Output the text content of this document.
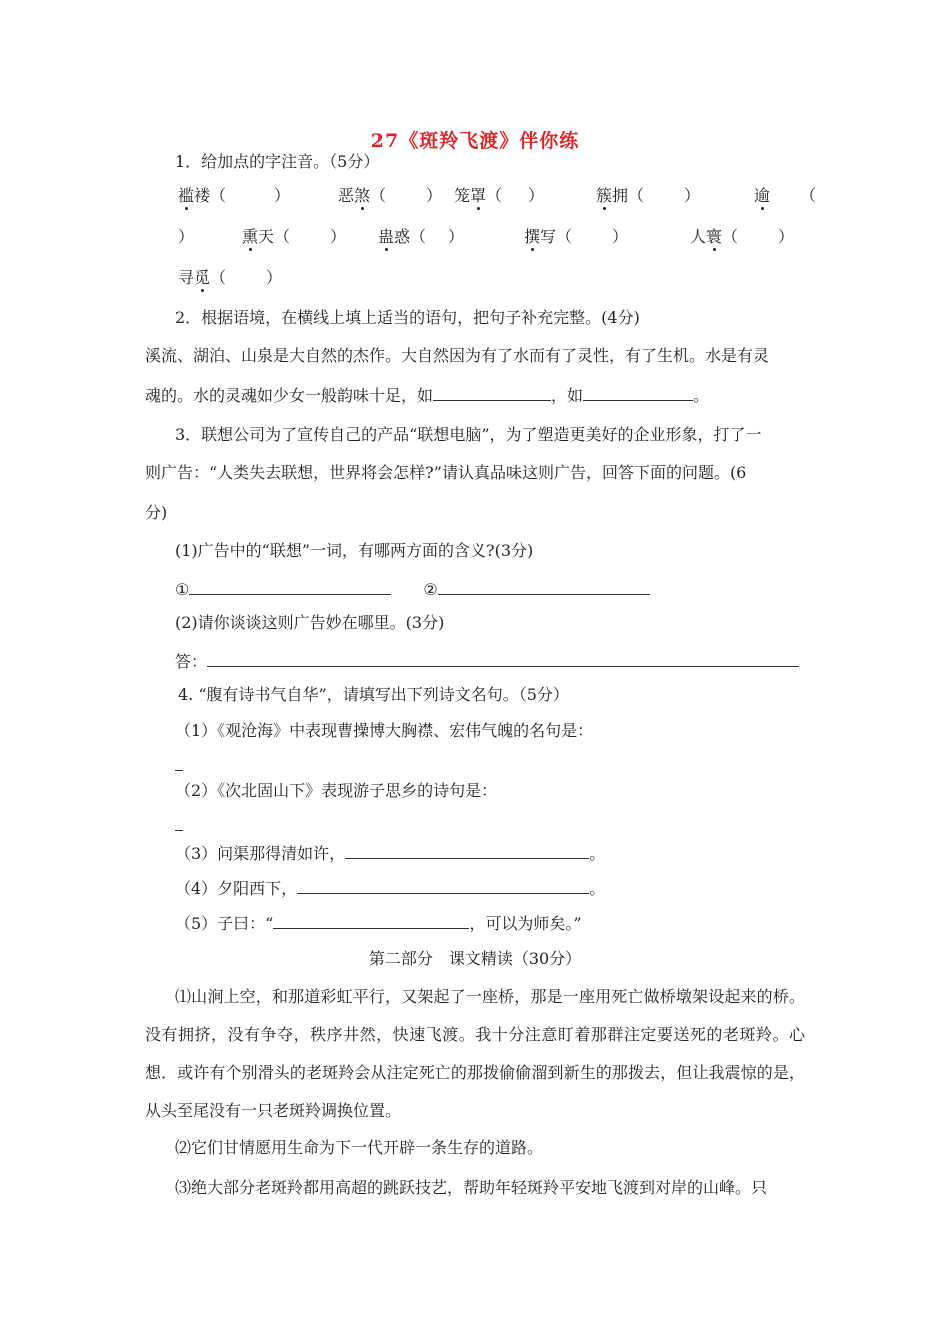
27《斑羚飞渡》伴你练
1．给加点的字注音。（5分）
褴褛（	）	恶煞（	） 笼罩（ ）	簇拥（	）	逾 （
）	熏天（	） 蛊惑（ ）	撰写（	）	人寰（	）
寻觅（	）
2．根据语境，在横线上填上适当的语句，把句子补充完整。(4分)
溪流、湖泊、山泉是大自然的杰作。大自然因为有了水而有了灵性，有了生机。水是有灵
魂的。水的灵魂如少女一般韵味十足，如	，如	。
3．联想公司为了宣传自己的产品“联想电脑”，为了塑造更美好的企业形象，打了一
则广告：“人类失去联想，世界将会怎样?”请认真品味这则广告，回答下面的问题。(6
分)
(1)广告中的“联想”一词，有哪两方面的含义?(3分)
①	②
(2)请你谈谈这则广告妙在哪里。(3分)
答：
4. “腹有诗书气自华”，请填写出下列诗文名句。（5分）
（1）《观沧海》中表现曹操博大胸襟、宏伟气魄的名句是：
（2）《次北固山下》表现游子思乡的诗句是：
（3）问渠那得清如许，	。
（4）夕阳西下，	。
（5）子曰：“	，可以为师矣。”
第二部分　课文精读（30分）
⑴山涧上空，和那道彩虹平行，又架起了一座桥，那是一座用死亡做桥墩架设起来的桥。没有拥挤，没有争夺，秩序井然，快速飞渡。我十分注意盯着那群注定要送死的老斑羚。心想．或许有个别滑头的老斑羚会从注定死亡的那拨偷偷溜到新生的那拨去，但让我震惊的是，从头至尾没有一只老斑羚调换位置。
⑵它们甘情愿用生命为下一代开辟一条生存的道路。
⑶绝大部分老斑羚都用高超的跳跃技艺，帮助年轻斑羚平安地飞渡到对岸的山峰。只
